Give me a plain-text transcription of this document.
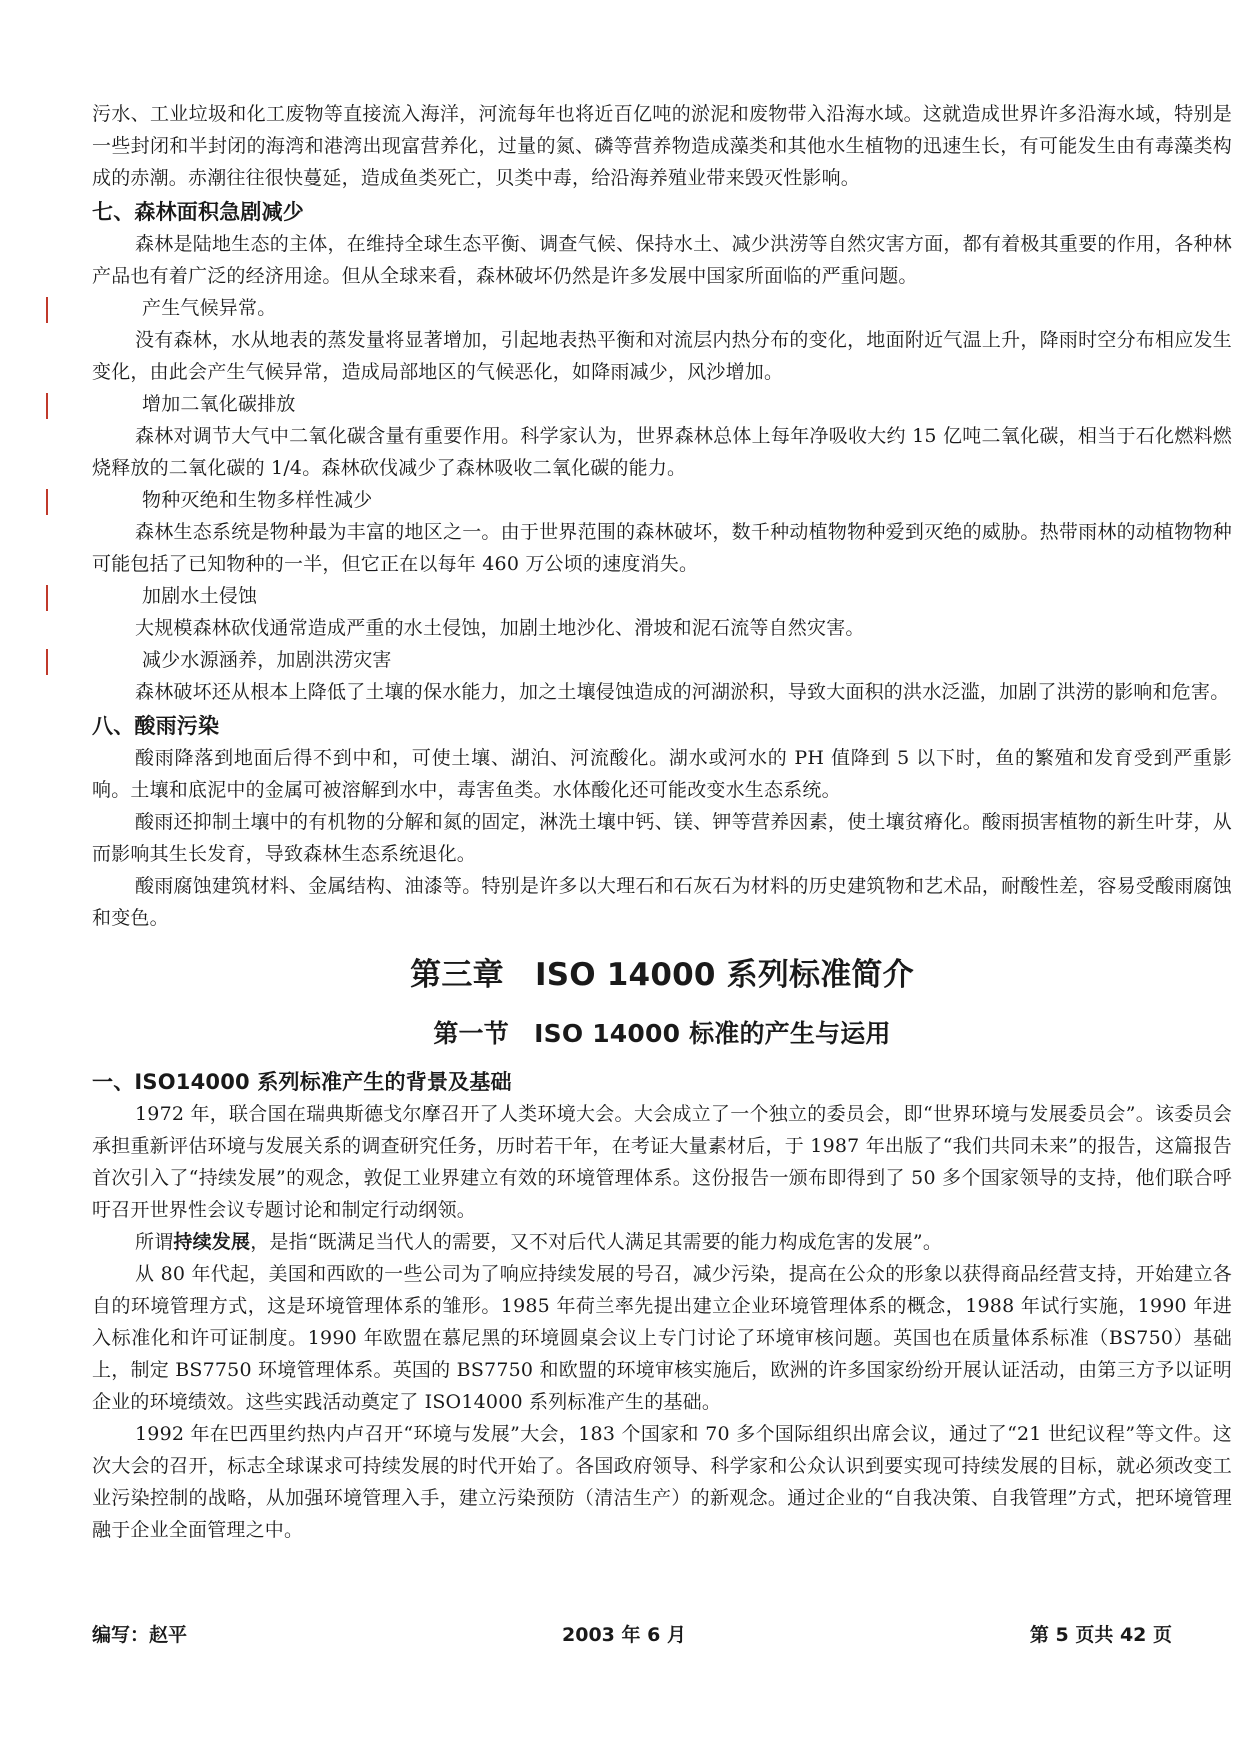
污水、工业垃圾和化工废物等直接流入海洋，河流每年也将近百亿吨的淤泥和废物带入沿海水域。这就造成世界许多沿海水域，特别是一些封闭和半封闭的海湾和港湾出现富营养化，过量的氮、磷等营养物造成藻类和其他水生植物的迅速生长，有可能发生由有毒藻类构成的赤潮。赤潮往往很快蔓延，造成鱼类死亡，贝类中毒，给沿海养殖业带来毁灭性影响。

七、森林面积急剧减少

森林是陆地生态的主体，在维持全球生态平衡、调查气候、保持水土、减少洪涝等自然灾害方面，都有着极其重要的作用，各种林产品也有着广泛的经济用途。但从全球来看，森林破坏仍然是许多发展中国家所面临的严重问题。

产生气候异常。

没有森林，水从地表的蒸发量将显著增加，引起地表热平衡和对流层内热分布的变化，地面附近气温上升，降雨时空分布相应发生变化，由此会产生气候异常，造成局部地区的气候恶化，如降雨减少，风沙增加。

增加二氧化碳排放

森林对调节大气中二氧化碳含量有重要作用。科学家认为，世界森林总体上每年净吸收大约 15 亿吨二氧化碳，相当于石化燃料燃烧释放的二氧化碳的 1/4。森林砍伐减少了森林吸收二氧化碳的能力。

物种灭绝和生物多样性减少

森林生态系统是物种最为丰富的地区之一。由于世界范围的森林破坏，数千种动植物物种爱到灭绝的威胁。热带雨林的动植物物种可能包括了已知物种的一半，但它正在以每年 460 万公顷的速度消失。

加剧水土侵蚀

大规模森林砍伐通常造成严重的水土侵蚀，加剧土地沙化、滑坡和泥石流等自然灾害。

减少水源涵养，加剧洪涝灾害

森林破坏还从根本上降低了土壤的保水能力，加之土壤侵蚀造成的河湖淤积，导致大面积的洪水泛滥，加剧了洪涝的影响和危害。

八、酸雨污染

酸雨降落到地面后得不到中和，可使土壤、湖泊、河流酸化。湖水或河水的 PH 值降到 5 以下时，鱼的繁殖和发育受到严重影响。土壤和底泥中的金属可被溶解到水中，毒害鱼类。水体酸化还可能改变水生态系统。

酸雨还抑制土壤中的有机物的分解和氮的固定，淋洗土壤中钙、镁、钾等营养因素，使土壤贫瘠化。酸雨损害植物的新生叶芽，从而影响其生长发育，导致森林生态系统退化。

酸雨腐蚀建筑材料、金属结构、油漆等。特别是许多以大理石和石灰石为材料的历史建筑物和艺术品，耐酸性差，容易受酸雨腐蚀和变色。

第三章　ISO 14000 系列标准简介
第一节　ISO 14000 标准的产生与运用
一、ISO14000 系列标准产生的背景及基础

1972 年，联合国在瑞典斯德戈尔摩召开了人类环境大会。大会成立了一个独立的委员会，即“世界环境与发展委员会”。该委员会承担重新评估环境与发展关系的调查研究任务，历时若干年，在考证大量素材后，于 1987 年出版了“我们共同未来”的报告，这篇报告首次引入了“持续发展”的观念，敦促工业界建立有效的环境管理体系。这份报告一颁布即得到了 50 多个国家领导的支持，他们联合呼吁召开世界性会议专题讨论和制定行动纲领。

所谓持续发展，是指“既满足当代人的需要，又不对后代人满足其需要的能力构成危害的发展”。

从 80 年代起，美国和西欧的一些公司为了响应持续发展的号召，减少污染，提高在公众的形象以获得商品经营支持，开始建立各自的环境管理方式，这是环境管理体系的雏形。1985 年荷兰率先提出建立企业环境管理体系的概念，1988 年试行实施，1990 年进入标准化和许可证制度。1990 年欧盟在慕尼黑的环境圆桌会议上专门讨论了环境审核问题。英国也在质量体系标准（BS750）基础上，制定 BS7750 环境管理体系。英国的 BS7750 和欧盟的环境审核实施后，欧洲的许多国家纷纷开展认证活动，由第三方予以证明企业的环境绩效。这些实践活动奠定了 ISO14000 系列标准产生的基础。

1992 年在巴西里约热内卢召开“环境与发展”大会，183 个国家和 70 多个国际组织出席会议，通过了“21 世纪议程”等文件。这次大会的召开，标志全球谋求可持续发展的时代开始了。各国政府领导、科学家和公众认识到要实现可持续发展的目标，就必须改变工业污染控制的战略，从加强环境管理入手，建立污染预防（清洁生产）的新观念。通过企业的“自我决策、自我管理”方式，把环境管理融于企业全面管理之中。

编写：赵平	2003 年 6 月	第 5 页共 42 页
